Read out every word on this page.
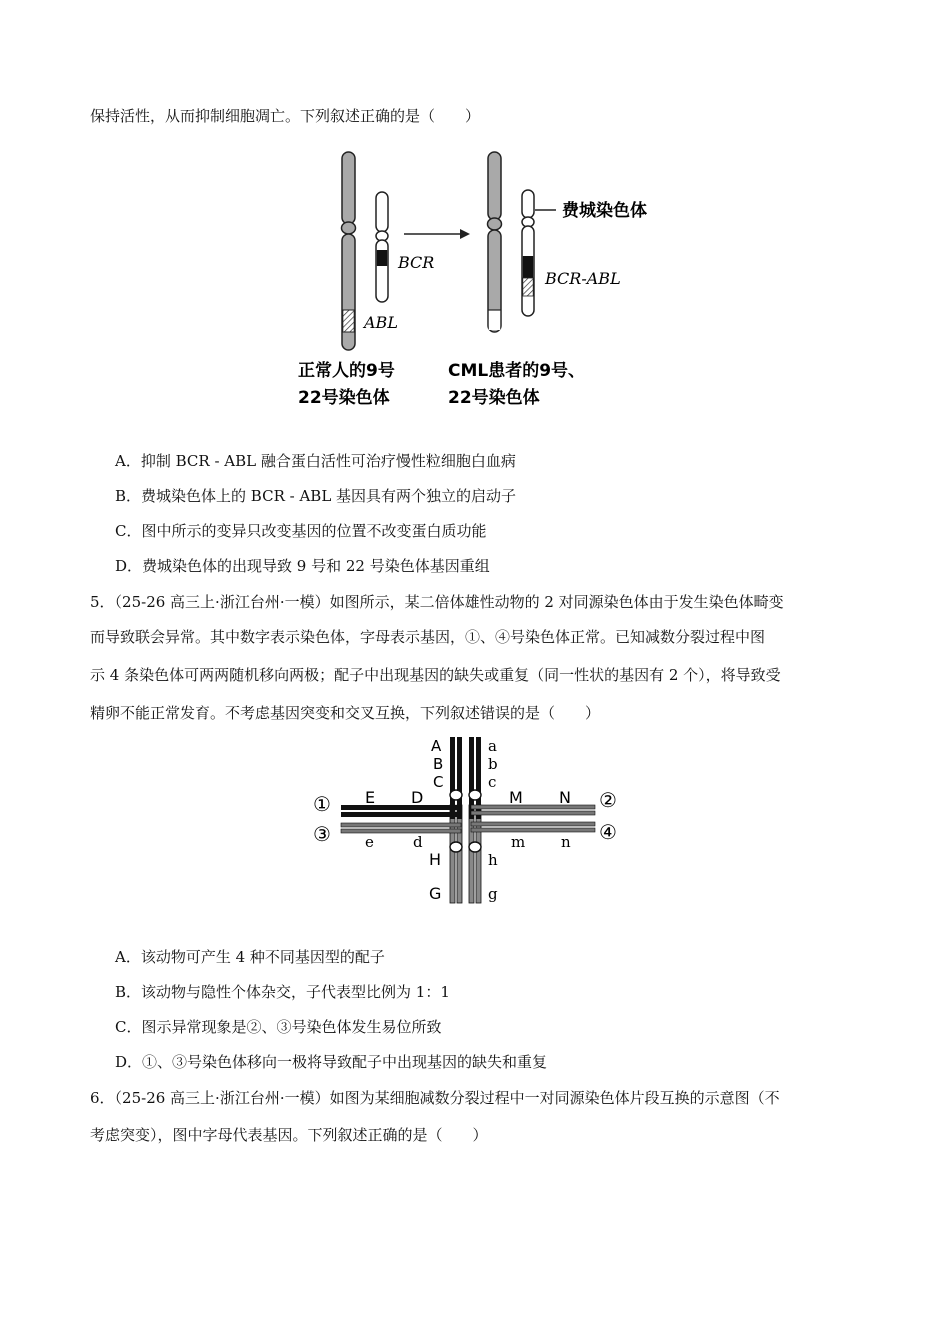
保持活性，从而抑制细胞凋亡。下列叙述正确的是（　　）
BCR
ABL
费城染色体
BCR-ABL
正常人的9号
22号染色体
CML患者的9号、
22号染色体
A．抑制 BCR - ABL 融合蛋白活性可治疗慢性粒细胞白血病
B．费城染色体上的 BCR - ABL 基因具有两个独立的启动子
C．图中所示的变异只改变基因的位置不改变蛋白质功能
D．费城染色体的出现导致 9 号和 22 号染色体基因重组
5．（25-26 高三上·浙江台州·一模）如图所示，某二倍体雄性动物的 2 对同源染色体由于发生染色体畸变
而导致联会异常。其中数字表示染色体，字母表示基因，①、④号染色体正常。已知减数分裂过程中图
示 4 条染色体可两两随机移向两极；配子中出现基因的缺失或重复（同一性状的基因有 2 个），将导致受
精卵不能正常发育。不考虑基因突变和交叉互换，下列叙述错误的是（　　）
A
B
C
a
b
c
E D	M N
e	d	m n
H
G
h
g
①	②
③	④
A．该动物可产生 4 种不同基因型的配子
B．该动物与隐性个体杂交，子代表型比例为 1：1
C．图示异常现象是②、③号染色体发生易位所致
D．①、③号染色体移向一极将导致配子中出现基因的缺失和重复
6．（25-26 高三上·浙江台州·一模）如图为某细胞减数分裂过程中一对同源染色体片段互换的示意图（不
考虑突变），图中字母代表基因。下列叙述正确的是（　　）
